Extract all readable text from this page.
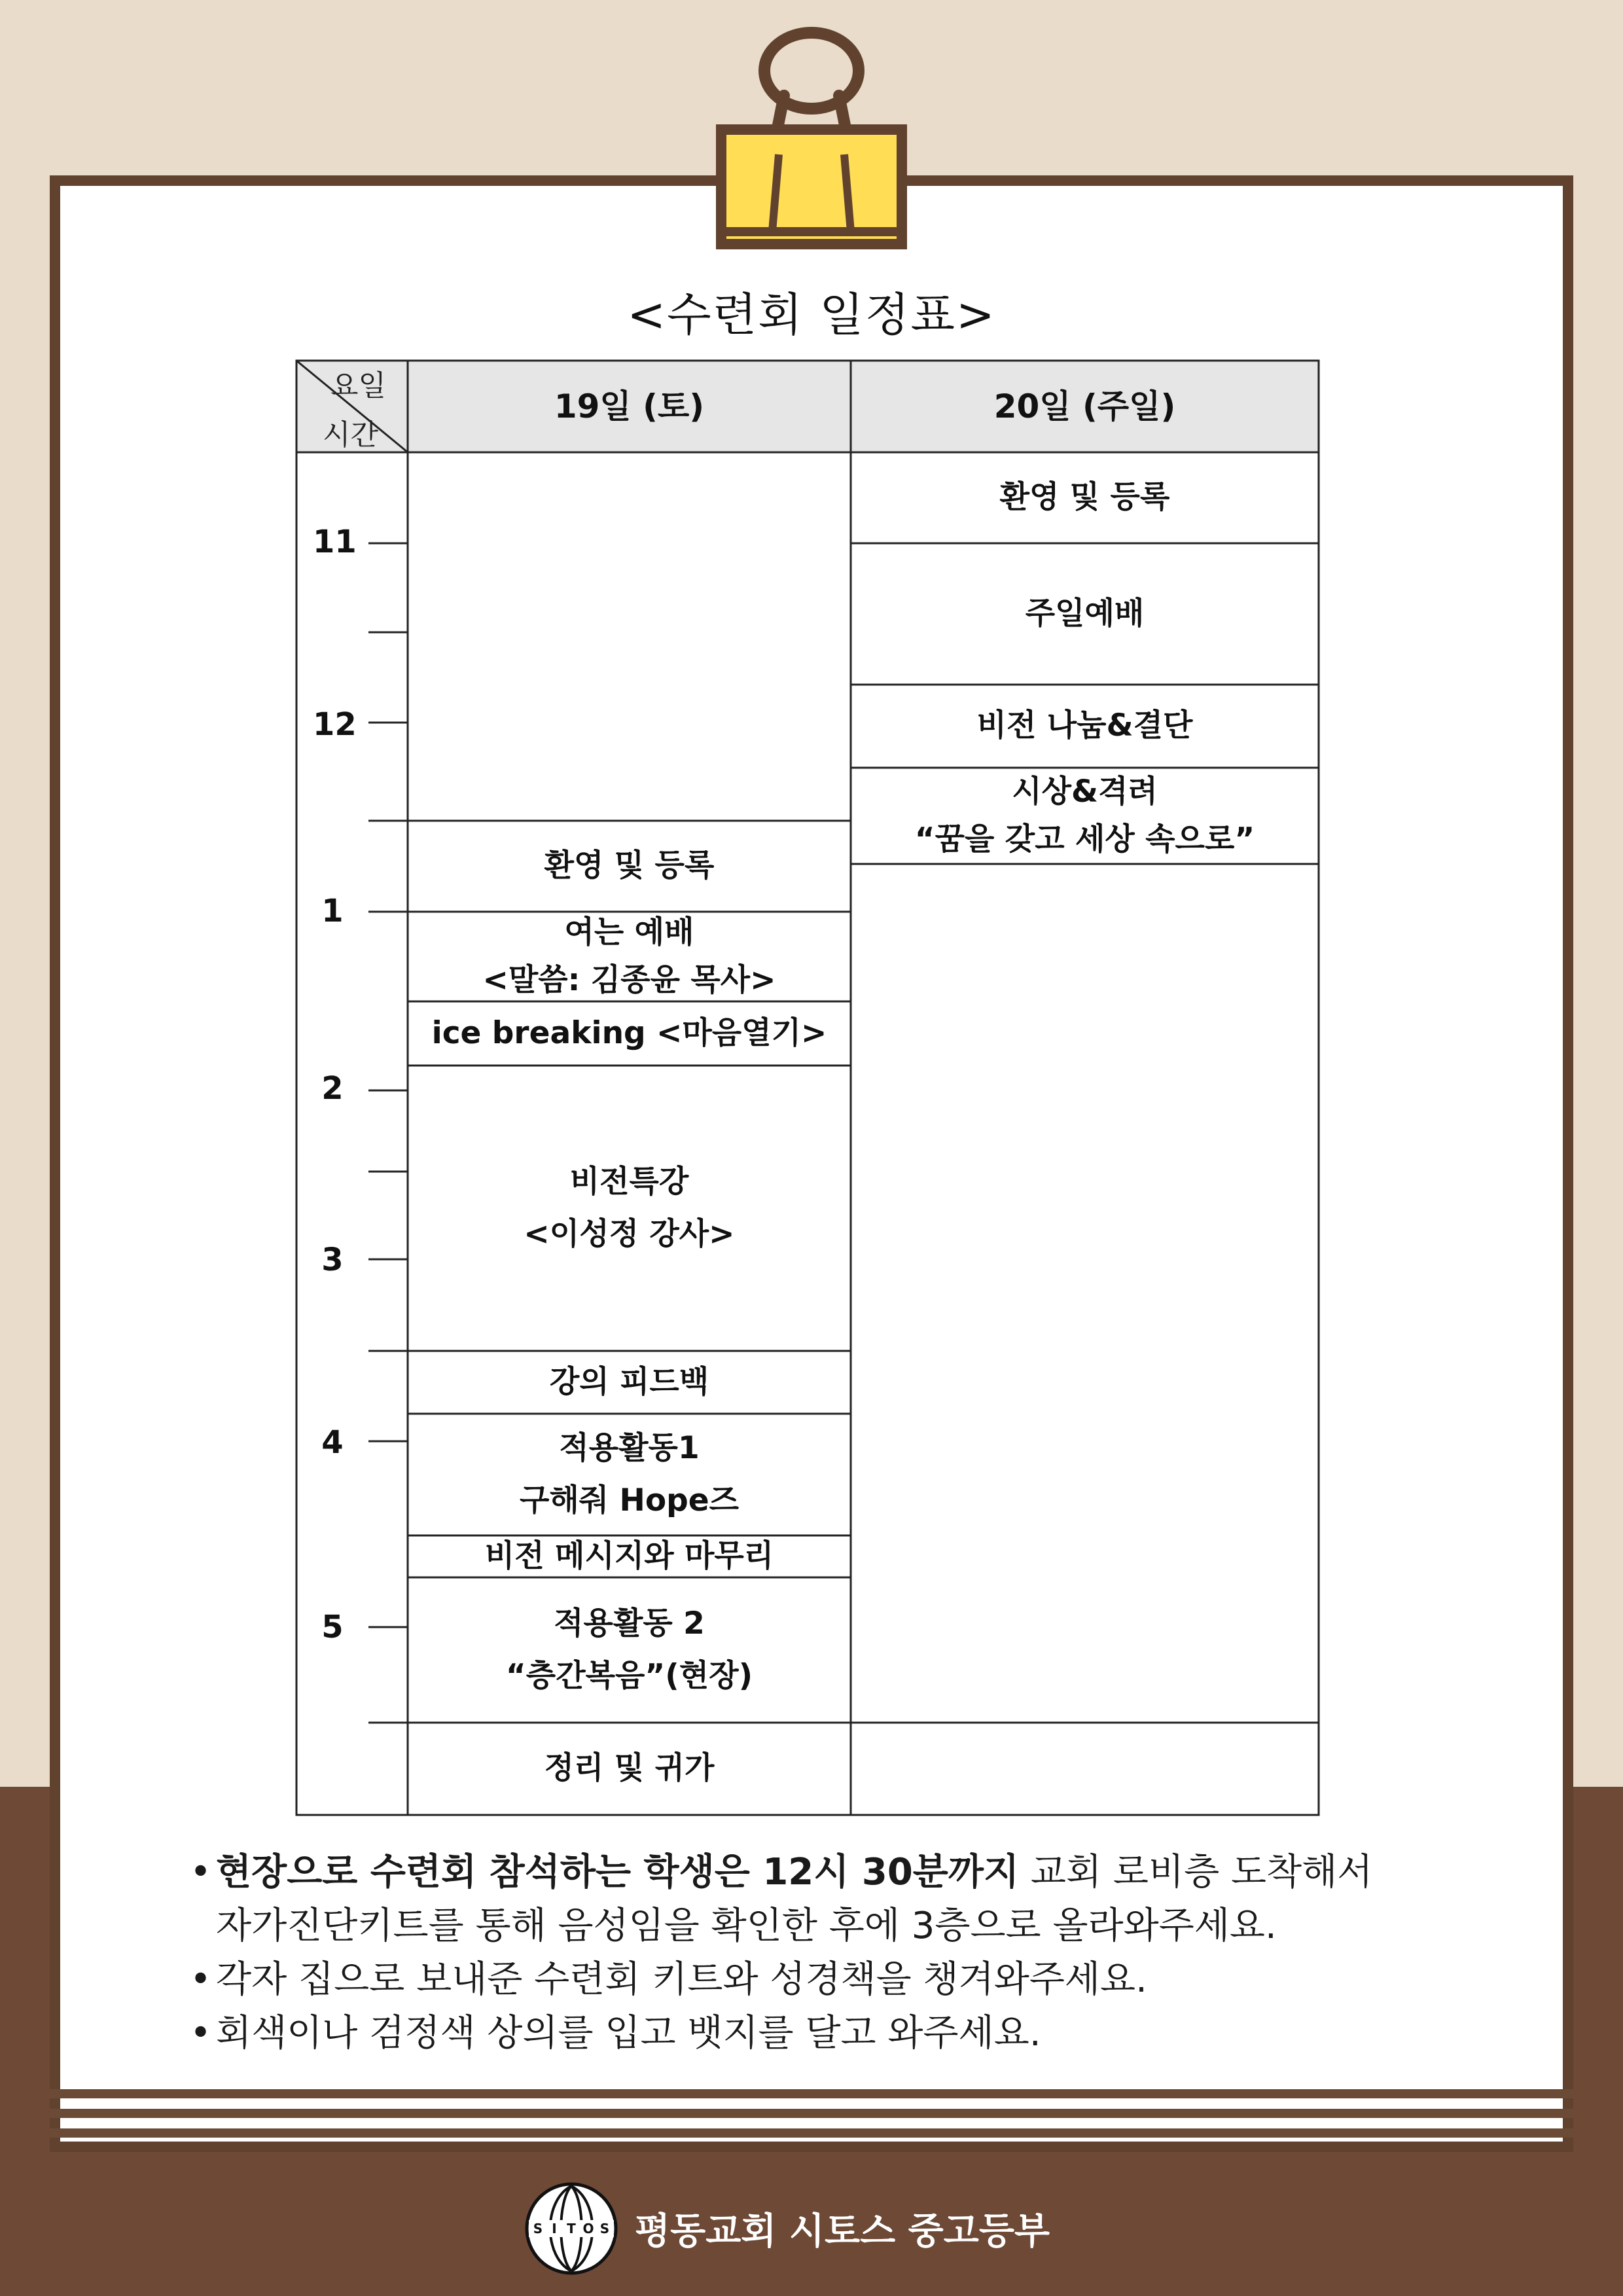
<수련회 일정표>
요일
시간
19일 (토)	20일 (주일)
11
12
1
2
3
4
5
환영 및 등록
여는 예배
<말씀: 김종윤 목사>
ice breaking <마음열기>
비전특강
<이성정 강사>
강의 피드백
적용활동1
구해줘 Hope즈
비전 메시지와 마무리
적용활동 2
“층간복음”(현장)
정리 및 귀가
환영 및 등록
주일예배
비전 나눔&결단
시상&격려
“꿈을 갖고 세상 속으로”
• 현장으로 수련회 참석하는 학생은 12시 30분까지 교회 로비층 도착해서
자가진단키트를 통해 음성임을 확인한 후에 3층으로 올라와주세요.
• 각자 집으로 보내준 수련회 키트와 성경책을 챙겨와주세요.
• 회색이나 검정색 상의를 입고 뱃지를 달고 와주세요.
S I T O S 평동교회 시토스 중고등부
